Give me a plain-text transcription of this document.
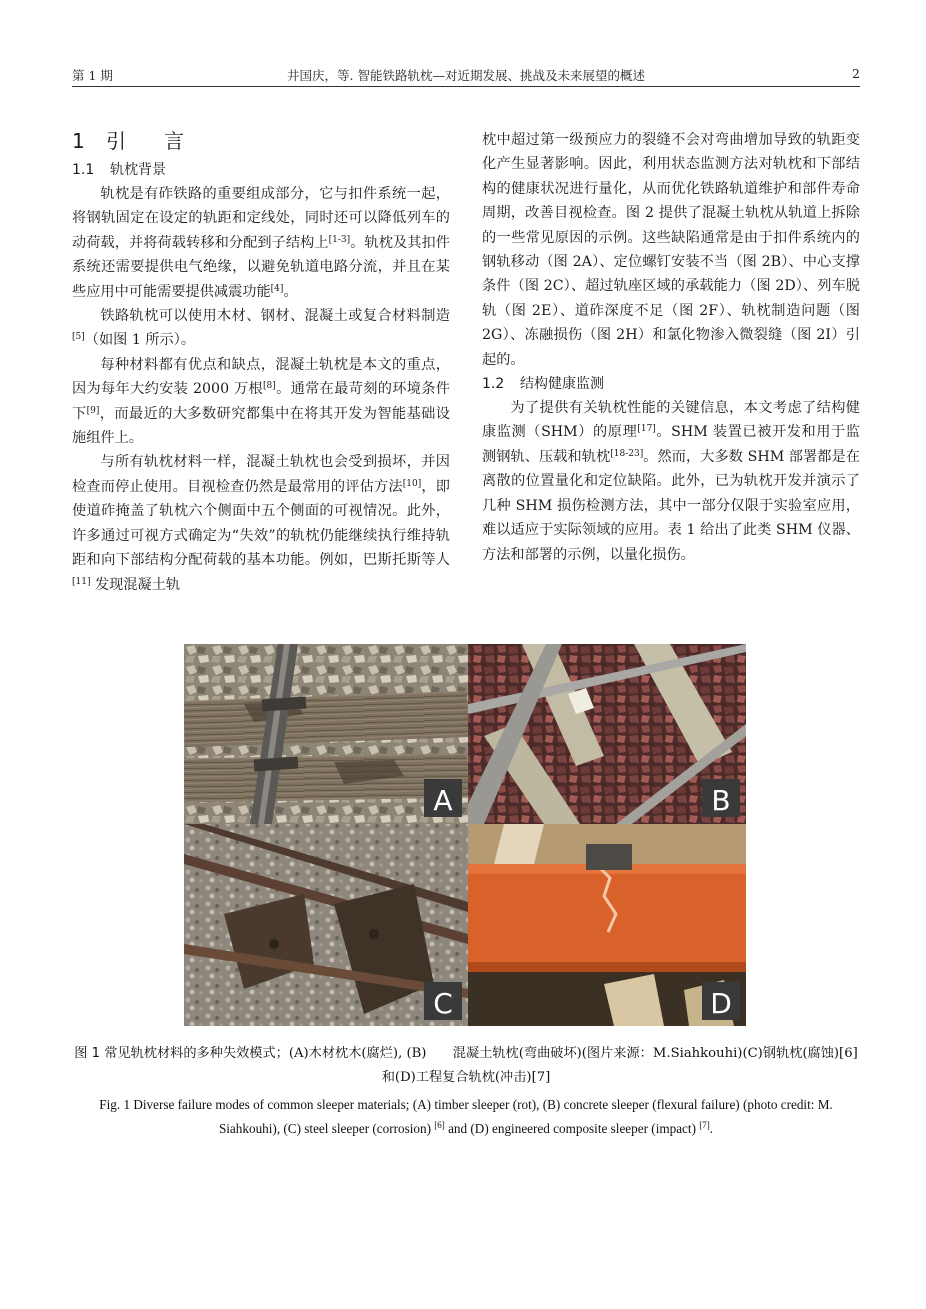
第 1 期	井国庆，等. 智能铁路轨枕—对近期发展、挑战及未来展望的概述	2
1 引 言
1.1 轨枕背景

轨枕是有砟铁路的重要组成部分，它与扣件系统一起，将钢轨固定在设定的轨距和定线处，同时还可以降低列车的动荷载，并将荷载转移和分配到子结构上[1-3]。轨枕及其扣件系统还需要提供电气绝缘，以避免轨道电路分流，并且在某些应用中可能需要提供减震功能[4]。

铁路轨枕可以使用木材、钢材、混凝土或复合材料制造[5]（如图 1 所示）。

每种材料都有优点和缺点，混凝土轨枕是本文的重点，因为每年大约安装 2000 万根[8]。通常在最苛刻的环境条件下[9]，而最近的大多数研究都集中在将其开发为智能基础设施组件上。

与所有轨枕材料一样，混凝土轨枕也会受到损坏，并因检查而停止使用。目视检查仍然是最常用的评估方法[10]，即使道砟掩盖了轨枕六个侧面中五个侧面的可视情况。此外，许多通过可视方式确定为“失效”的轨枕仍能继续执行维持轨距和向下部结构分配荷载的基本功能。例如，巴斯托斯等人[11] 发现混凝土轨

枕中超过第一级预应力的裂缝不会对弯曲增加导致的轨距变化产生显著影响。因此，利用状态监测方法对轨枕和下部结构的健康状况进行量化，从而优化铁路轨道维护和部件寿命周期，改善目视检查。图 2 提供了混凝土轨枕从轨道上拆除的一些常见原因的示例。这些缺陷通常是由于扣件系统内的钢轨移动（图 2A）、定位螺钉安装不当（图 2B）、中心支撑条件（图 2C）、超过轨座区域的承载能力（图 2D）、列车脱轨（图 2E）、道砟深度不足（图 2F）、轨枕制造问题（图 2G）、冻融损伤（图 2H）和氯化物渗入微裂缝（图 2I）引起的。

1.2 结构健康监测

为了提供有关轨枕性能的关键信息，本文考虑了结构健康监测（SHM）的原理[17]。SHM 装置已被开发和用于监测钢轨、压载和轨枕[18-23]。然而，大多数 SHM 部署都是在离散的位置量化和定位缺陷。此外，已为轨枕开发并演示了几种 SHM 损伤检测方法，其中一部分仅限于实验室应用，难以适应于实际领域的应用。表 1 给出了此类 SHM 仪器、方法和部署的示例，以量化损伤。

A	B
C	D
图 1 常见轨枕材料的多种失效模式；(A)木材枕木(腐烂), (B)　　混凝土轨枕(弯曲破坏)(图片来源：M.Siahkouhi)(C)钢轨枕(腐蚀)[6]
和(D)工程复合轨枕(冲击)[7]
Fig. 1 Diverse failure modes of common sleeper materials; (A) timber sleeper (rot), (B) concrete sleeper (flexural failure) (photo credit: M.
Siahkouhi), (C) steel sleeper (corrosion) [6] and (D) engineered composite sleeper (impact) [7].
